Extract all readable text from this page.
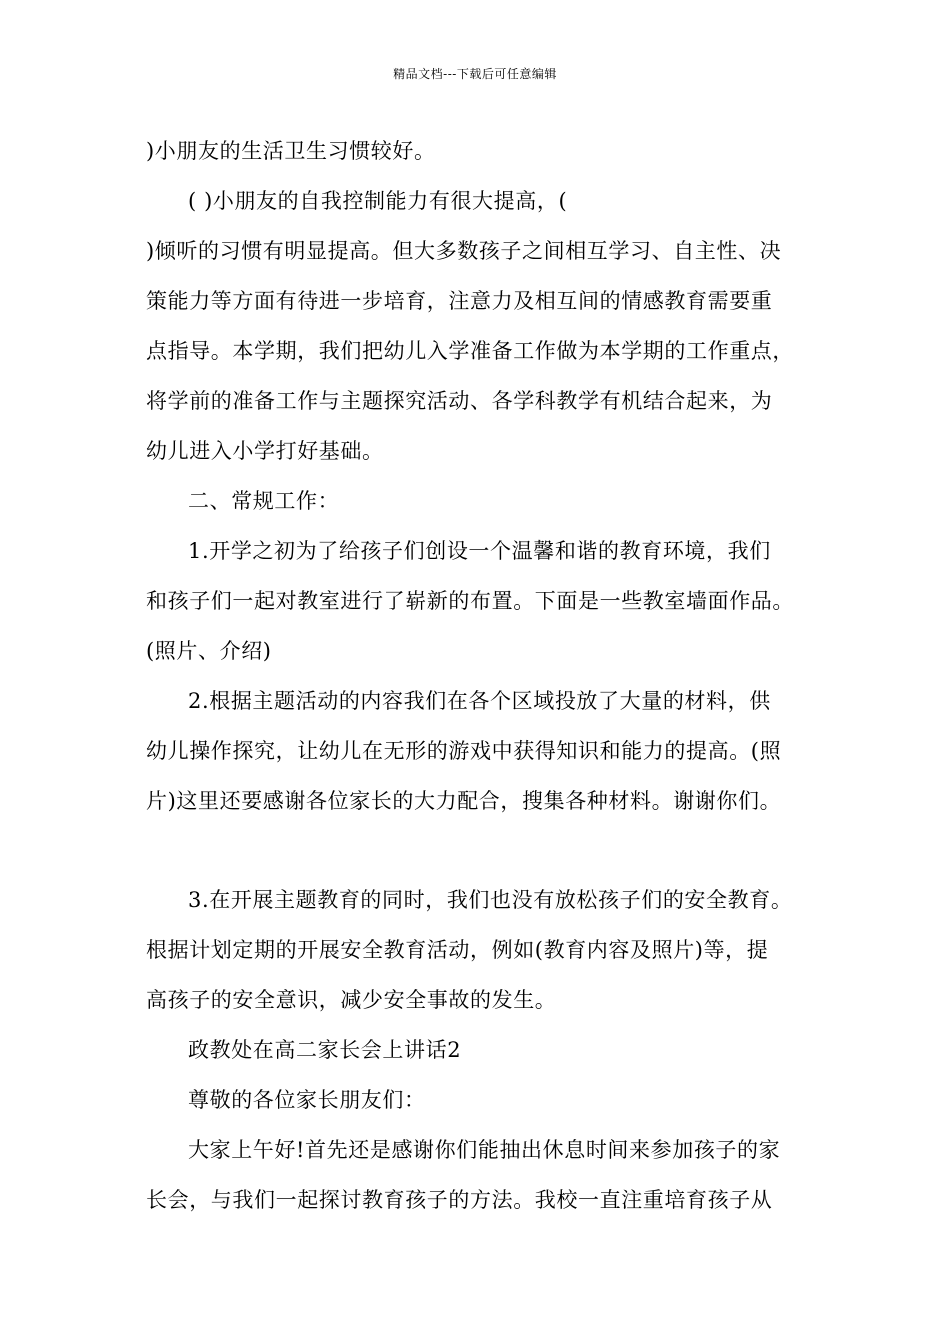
精品文档---下载后可任意编辑
)小朋友的生活卫生习惯较好。
( )小朋友的自我控制能力有很大提高，(
)倾听的习惯有明显提高。但大多数孩子之间相互学习、自主性、决
策能力等方面有待进一步培育，注意力及相互间的情感教育需要重
点指导。本学期，我们把幼儿入学准备工作做为本学期的工作重点，
将学前的准备工作与主题探究活动、各学科教学有机结合起来，为
幼儿进入小学打好基础。
二、常规工作：
1.开学之初为了给孩子们创设一个温馨和谐的教育环境，我们
和孩子们一起对教室进行了崭新的布置。下面是一些教室墙面作品。
(照片、介绍)
2.根据主题活动的内容我们在各个区域投放了大量的材料，供
幼儿操作探究，让幼儿在无形的游戏中获得知识和能力的提高。(照
片)这里还要感谢各位家长的大力配合，搜集各种材料。谢谢你们。
3.在开展主题教育的同时，我们也没有放松孩子们的安全教育。
根据计划定期的开展安全教育活动，例如(教育内容及照片)等，提
高孩子的安全意识，减少安全事故的发生。
政教处在高二家长会上讲话2
尊敬的各位家长朋友们：
大家上午好!首先还是感谢你们能抽出休息时间来参加孩子的家
长会，与我们一起探讨教育孩子的方法。我校一直注重培育孩子从
